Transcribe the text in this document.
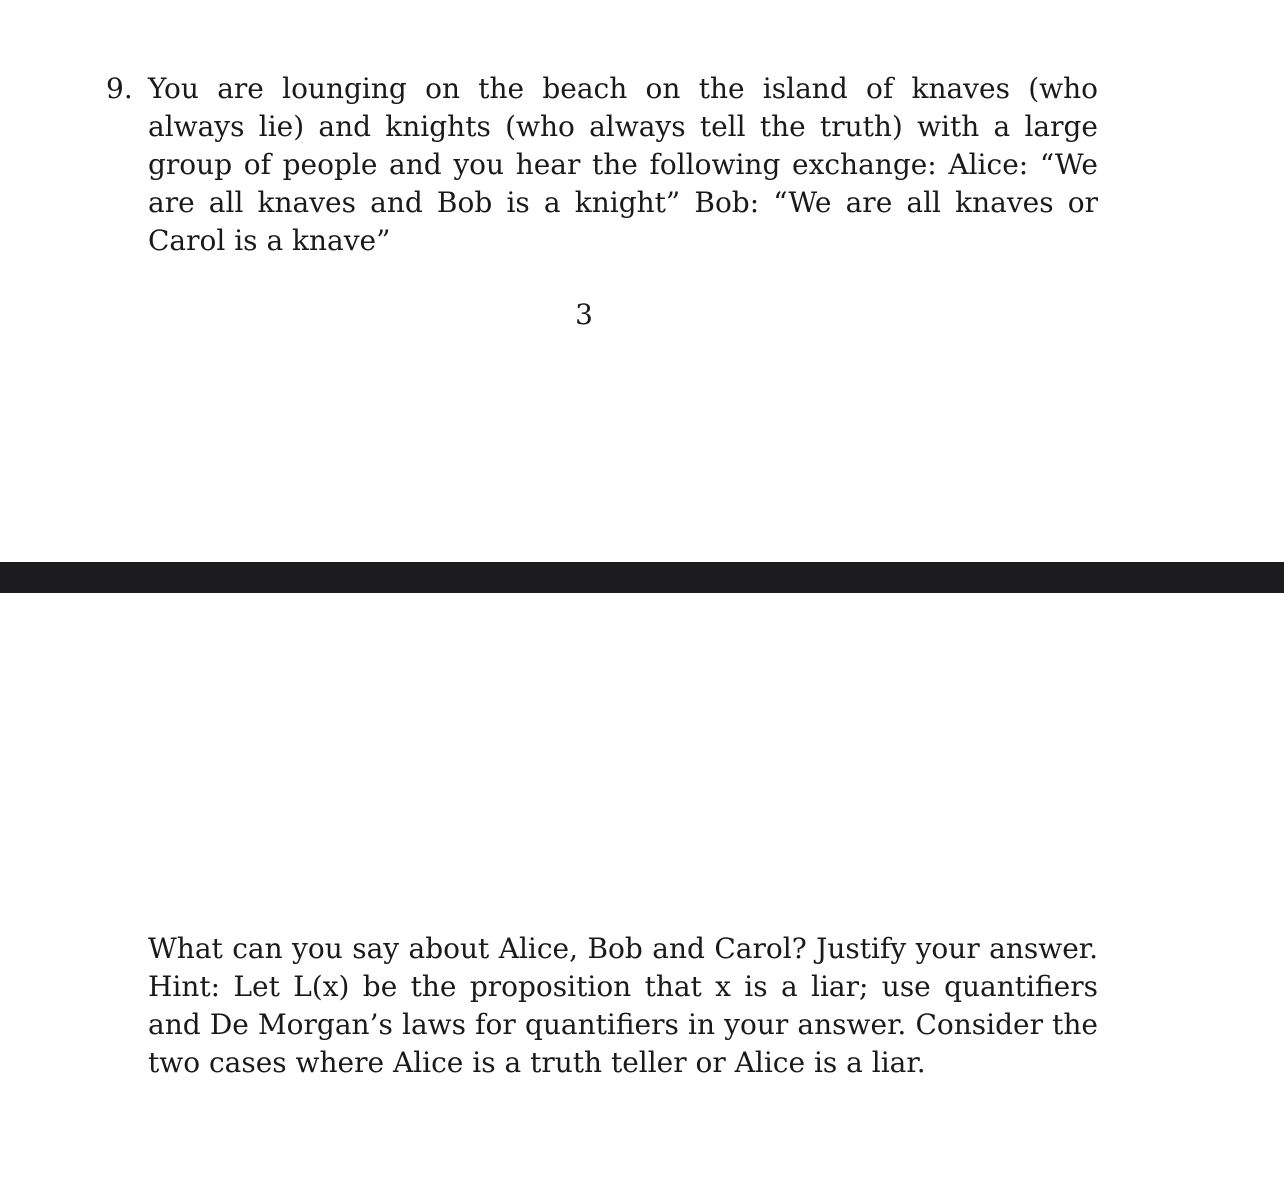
9. You are lounging on the beach on the island of knaves (who always lie) and knights (who always tell the truth) with a large group of people and you hear the following exchange: Alice: “We are all knaves and Bob is a knight” Bob: “We are all knaves or Carol is a knave”

3

What can you say about Alice, Bob and Carol? Justify your answer. Hint: Let L(x) be the proposition that x is a liar; use quantifiers and De Morgan’s laws for quantifiers in your answer. Consider the two cases where Alice is a truth teller or Alice is a liar.
